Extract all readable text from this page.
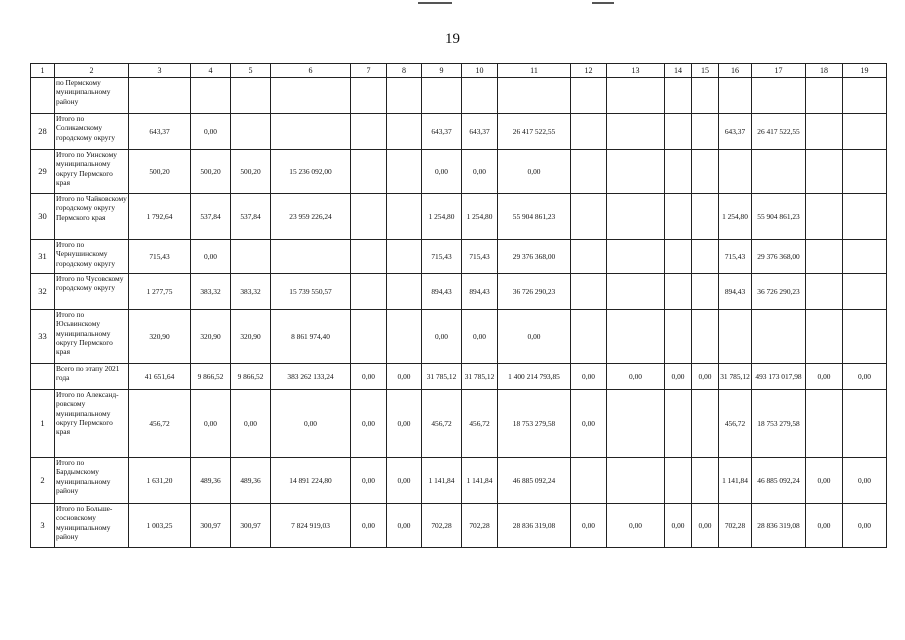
19
1	2	3	4	5	6	7	8	9	10	11	12	13	14	15	16	17	18	19
	по Пермскому муниципальному району																	
28	Итого по Соликамскому городскому округу	643,37	0,00					643,37	643,37	26 417 522,55					643,37	26 417 522,55		
29	Итого по Уинскому муниципальному округу Пермского края	500,20	500,20	500,20	15 236 092,00			0,00	0,00	0,00								
30	Итого по Чайковскому городскому округу Пермского края	1 792,64	537,84	537,84	23 959 226,24			1 254,80	1 254,80	55 904 861,23					1 254,80	55 904 861,23		
31	Итого по Чернушинскому городскому округу	715,43	0,00					715,43	715,43	29 376 368,00					715,43	29 376 368,00		
32	Итого по Чусовскому городскому округу	1 277,75	383,32	383,32	15 739 550,57			894,43	894,43	36 726 290,23					894,43	36 726 290,23		
33	Итого по Юсьвинскому муниципальному округу Пермского края	320,90	320,90	320,90	8 861 974,40			0,00	0,00	0,00								
	Всего по этапу 2021 года	41 651,64	9 866,52	9 866,52	383 262 133,24	0,00	0,00	31 785,12	31 785,12	1 400 214 793,85	0,00	0,00	0,00	0,00	31 785,12	493 173 017,98	0,00	0,00
1	Итого по Александ-ровскому муниципальному округу Пермского края	456,72	0,00	0,00	0,00	0,00	0,00	456,72	456,72	18 753 279,58	0,00				456,72	18 753 279,58		
2	Итого по Бардымскому муниципальному району	1 631,20	489,36	489,36	14 891 224,80	0,00	0,00	1 141,84	1 141,84	46 885 092,24					1 141,84	46 885 092,24	0,00	0,00
3	Итого по Больше-сосновскому муниципальному району	1 003,25	300,97	300,97	7 824 919,03	0,00	0,00	702,28	702,28	28 836 319,08	0,00	0,00	0,00	0,00	702,28	28 836 319,08	0,00	0,00
